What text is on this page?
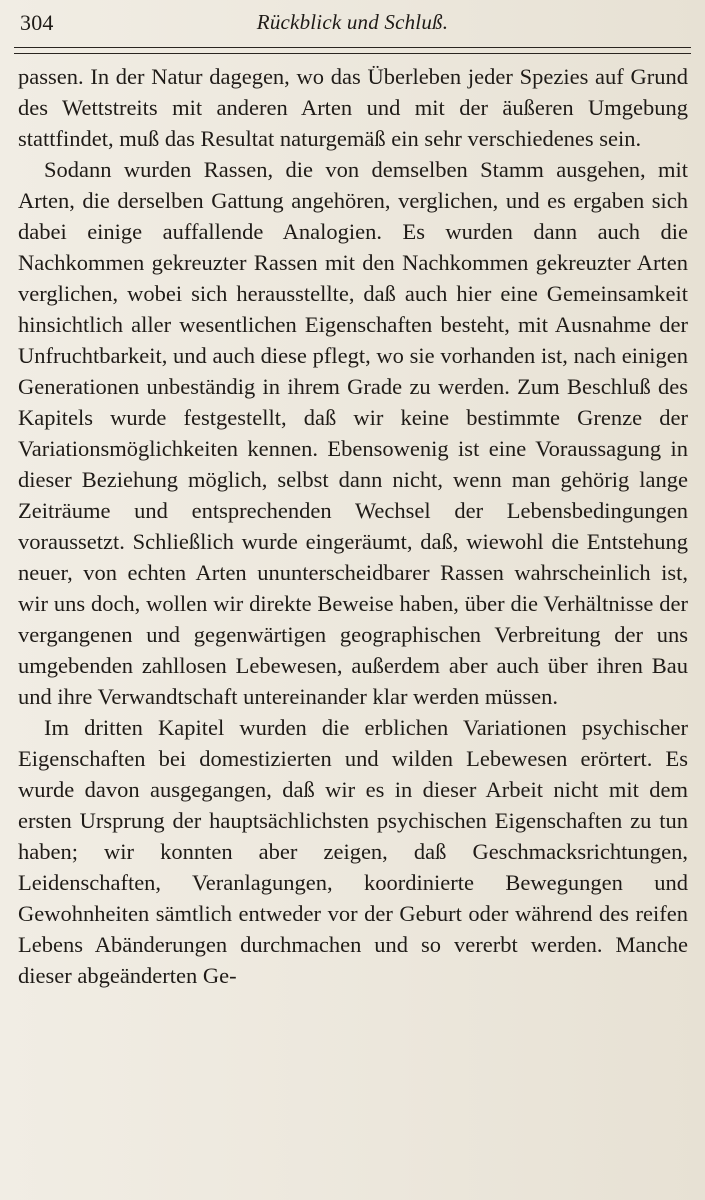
304	Rückblick und Schluß.

passen. In der Natur dagegen, wo das Überleben jeder Spezies auf Grund des Wettstreits mit anderen Arten und mit der äußeren Umgebung stattfindet, muß das Resultat naturgemäß ein sehr verschiedenes sein.

Sodann wurden Rassen, die von demselben Stamm ausgehen, mit Arten, die derselben Gattung angehören, verglichen, und es ergaben sich dabei einige auffallende Analogien. Es wurden dann auch die Nachkommen gekreuzter Rassen mit den Nachkommen gekreuzter Arten verglichen, wobei sich herausstellte, daß auch hier eine Gemeinsamkeit hinsichtlich aller wesentlichen Eigenschaften besteht, mit Ausnahme der Unfruchtbarkeit, und auch diese pflegt, wo sie vorhanden ist, nach einigen Generationen unbeständig in ihrem Grade zu werden. Zum Beschluß des Kapitels wurde festgestellt, daß wir keine bestimmte Grenze der Variationsmöglichkeiten kennen. Ebensowenig ist eine Voraussagung in dieser Beziehung möglich, selbst dann nicht, wenn man gehörig lange Zeiträume und entsprechenden Wechsel der Lebensbedingungen voraussetzt. Schließlich wurde eingeräumt, daß, wiewohl die Entstehung neuer, von echten Arten ununterscheidbarer Rassen wahrscheinlich ist, wir uns doch, wollen wir direkte Beweise haben, über die Verhältnisse der vergangenen und gegenwärtigen geographischen Verbreitung der uns umgebenden zahllosen Lebewesen, außerdem aber auch über ihren Bau und ihre Verwandtschaft untereinander klar werden müssen.

Im dritten Kapitel wurden die erblichen Variationen psychischer Eigenschaften bei domestizierten und wilden Lebewesen erörtert. Es wurde davon ausgegangen, daß wir es in dieser Arbeit nicht mit dem ersten Ursprung der hauptsächlichsten psychischen Eigenschaften zu tun haben; wir konnten aber zeigen, daß Geschmacksrichtungen, Leidenschaften, Veranlagungen, koordinierte Bewegungen und Gewohnheiten sämtlich entweder vor der Geburt oder während des reifen Lebens Abänderungen durchmachen und so vererbt werden. Manche dieser abgeänderten Ge-
